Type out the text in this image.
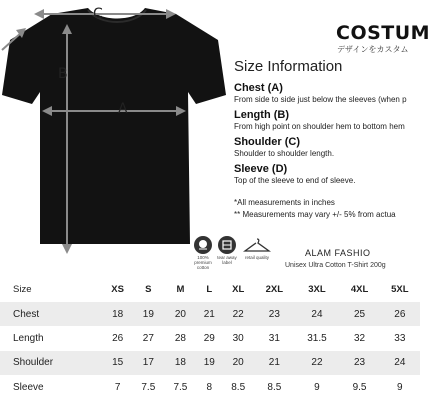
C
B
A
COSTUM
デザインをカスタム
Size Information
Chest (A)
From side to side just below the sleeves (when p
Length (B)
From high point on shoulder hem to bottom hem
Shoulder (C)
Shoulder to shoulder length.
Sleeve (D)
Top of the sleeve to end of sleeve.
*All measurements in inches
** Measurements may vary +/- 5% from actua
100% premium cotton
tear away label
retail quality	ALAM FASHIO
Unisex Ultra Cotton T-Shirt 200g
Size	XS	S	M	L	XL	2XL	3XL	4XL	5XL
Chest	18	19	20	21	22	23	24	25	26
Length	26	27	28	29	30	31	31.5	32	33
Shoulder	15	17	18	19	20	21	22	23	24
Sleeve	7	7.5	7.5	8	8.5	8.5	9	9.5	9
